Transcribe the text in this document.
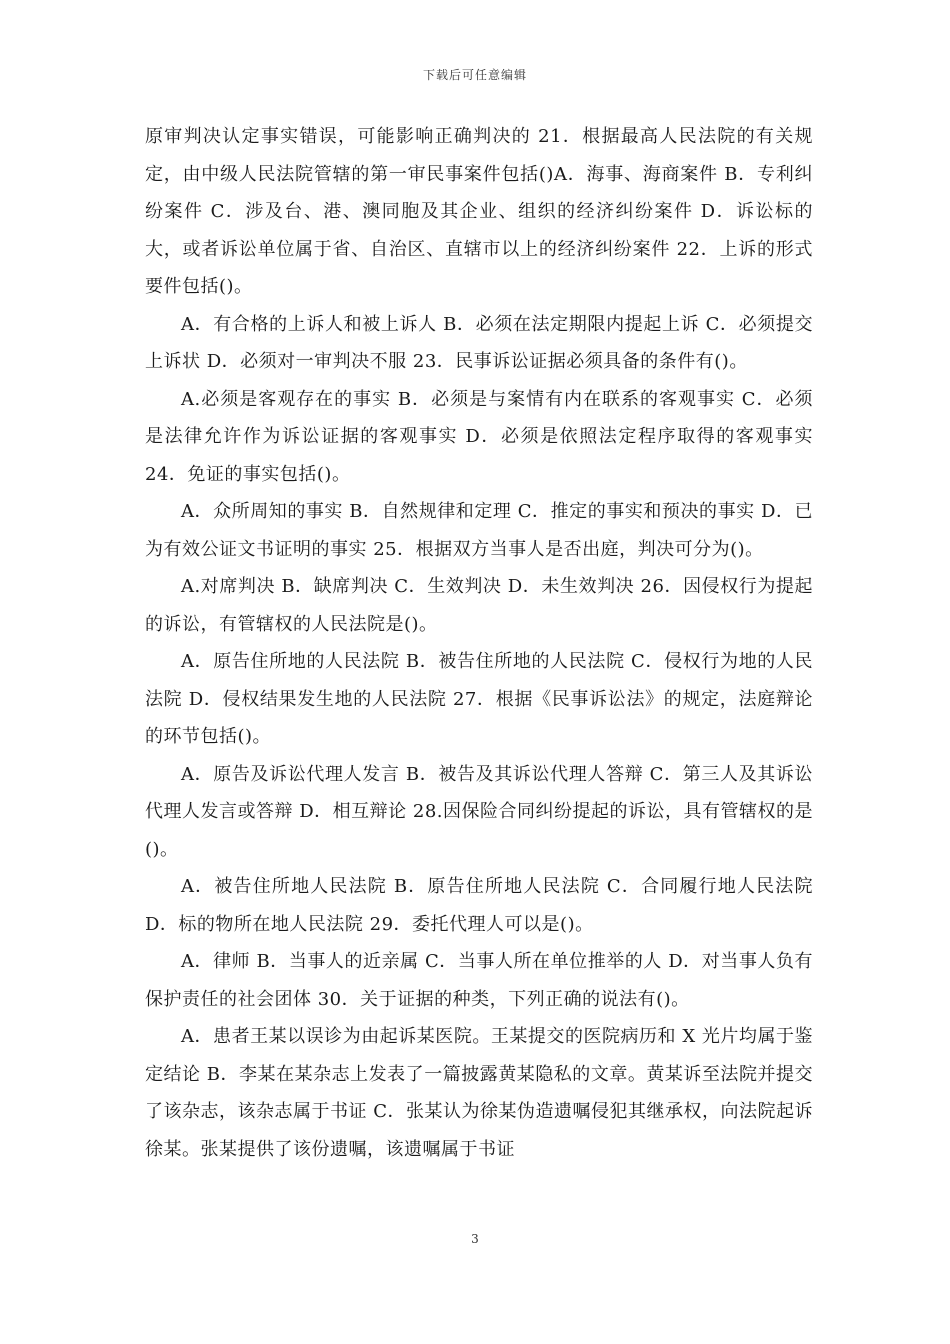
下载后可任意编辑

原审判决认定事实错误，可能影响正确判决的 21．根据最高人民法院的有关规定，由中级人民法院管辖的第一审民事案件包括()A．海事、海商案件 B．专利纠纷案件 C．涉及台、港、澳同胞及其企业、组织的经济纠纷案件 D．诉讼标的大，或者诉讼单位属于省、自治区、直辖市以上的经济纠纷案件 22．上诉的形式要件包括()。

A．有合格的上诉人和被上诉人 B．必须在法定期限内提起上诉 C．必须提交上诉状 D．必须对一审判决不服 23．民事诉讼证据必须具备的条件有()。

A.必须是客观存在的事实 B．必须是与案情有内在联系的客观事实 C．必须是法律允许作为诉讼证据的客观事实 D．必须是依照法定程序取得的客观事实 24．免证的事实包括()。

A．众所周知的事实 B．自然规律和定理 C．推定的事实和预决的事实 D．已为有效公证文书证明的事实 25．根据双方当事人是否出庭，判决可分为()。

A.对席判决 B．缺席判决 C．生效判决 D．未生效判决 26．因侵权行为提起的诉讼，有管辖权的人民法院是()。

A．原告住所地的人民法院 B．被告住所地的人民法院 C．侵权行为地的人民法院 D．侵权结果发生地的人民法院 27．根据《民事诉讼法》的规定，法庭辩论的环节包括()。

A．原告及诉讼代理人发言 B．被告及其诉讼代理人答辩 C．第三人及其诉讼代理人发言或答辩 D．相互辩论 28.因保险合同纠纷提起的诉讼，具有管辖权的是()。

A．被告住所地人民法院 B．原告住所地人民法院 C．合同履行地人民法院 D．标的物所在地人民法院 29．委托代理人可以是()。

A．律师 B．当事人的近亲属 C．当事人所在单位推举的人 D．对当事人负有保护责任的社会团体 30．关于证据的种类，下列正确的说法有()。

A．患者王某以误诊为由起诉某医院。王某提交的医院病历和 X 光片均属于鉴定结论 B．李某在某杂志上发表了一篇披露黄某隐私的文章。黄某诉至法院并提交了该杂志，该杂志属于书证 C．张某认为徐某伪造遗嘱侵犯其继承权，向法院起诉徐某。张某提供了该份遗嘱，该遗嘱属于书证

3
